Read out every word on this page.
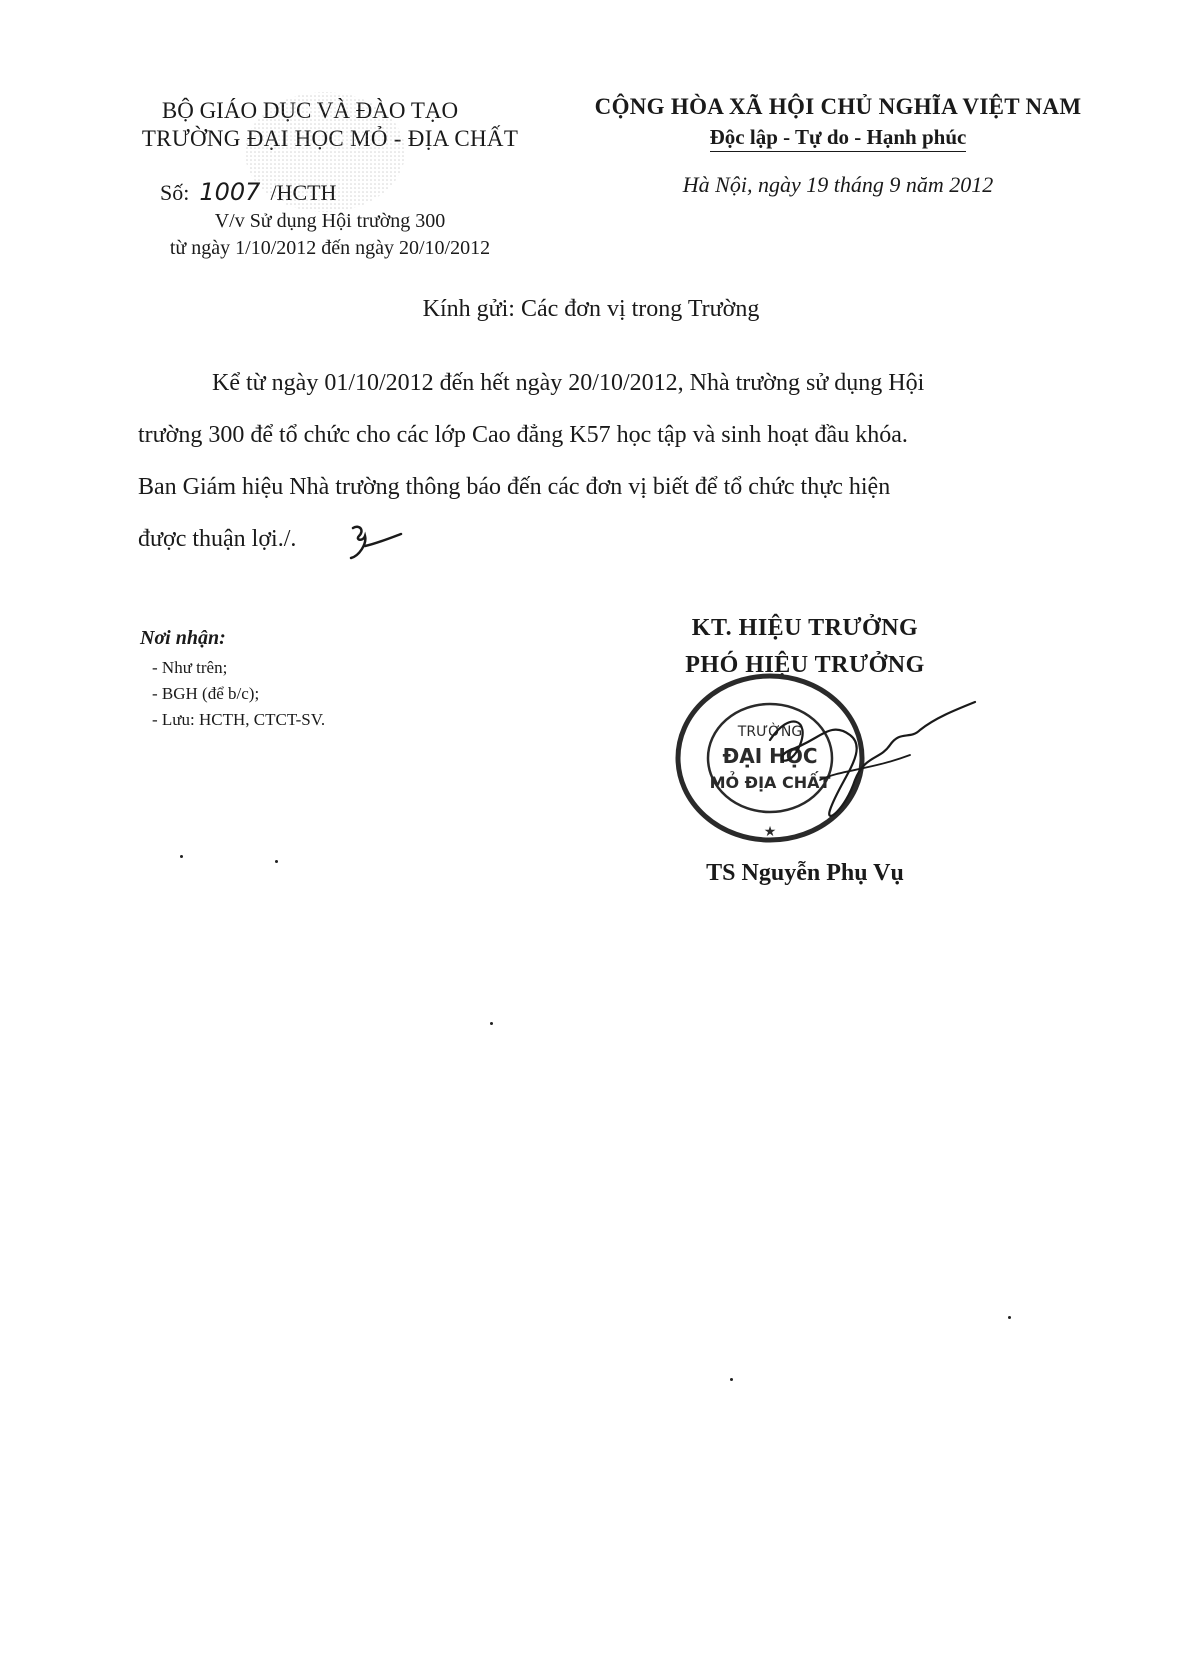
BỘ GIÁO DỤC VÀ ĐÀO TẠO
TRƯỜNG ĐẠI HỌC MỎ - ĐỊA CHẤT
Số: 1007 /HCTH
V/v Sử dụng Hội trường 300
từ ngày 1/10/2012 đến ngày 20/10/2012
CỘNG HÒA XÃ HỘI CHỦ NGHĨA VIỆT NAM
Độc lập - Tự do - Hạnh phúc
Hà Nội, ngày 19 tháng 9 năm 2012
Kính gửi: Các đơn vị trong Trường
Kể từ ngày 01/10/2012 đến hết ngày 20/10/2012, Nhà trường sử dụng Hội
trường 300 để tổ chức cho các lớp Cao đẳng K57 học tập và sinh hoạt đầu khóa.
Ban Giám hiệu Nhà trường thông báo đến các đơn vị biết để tổ chức thực hiện
được thuận lợi./.
Nơi nhận:
- Như trên;
- BGH (để b/c);
- Lưu: HCTH, CTCT-SV.
KT. HIỆU TRƯỞNG
PHÓ HIỆU TRƯỞNG
TRƯỜNG
ĐẠI HỌC
MỎ ĐỊA CHẤT
★
TS Nguyễn Phụ Vụ
